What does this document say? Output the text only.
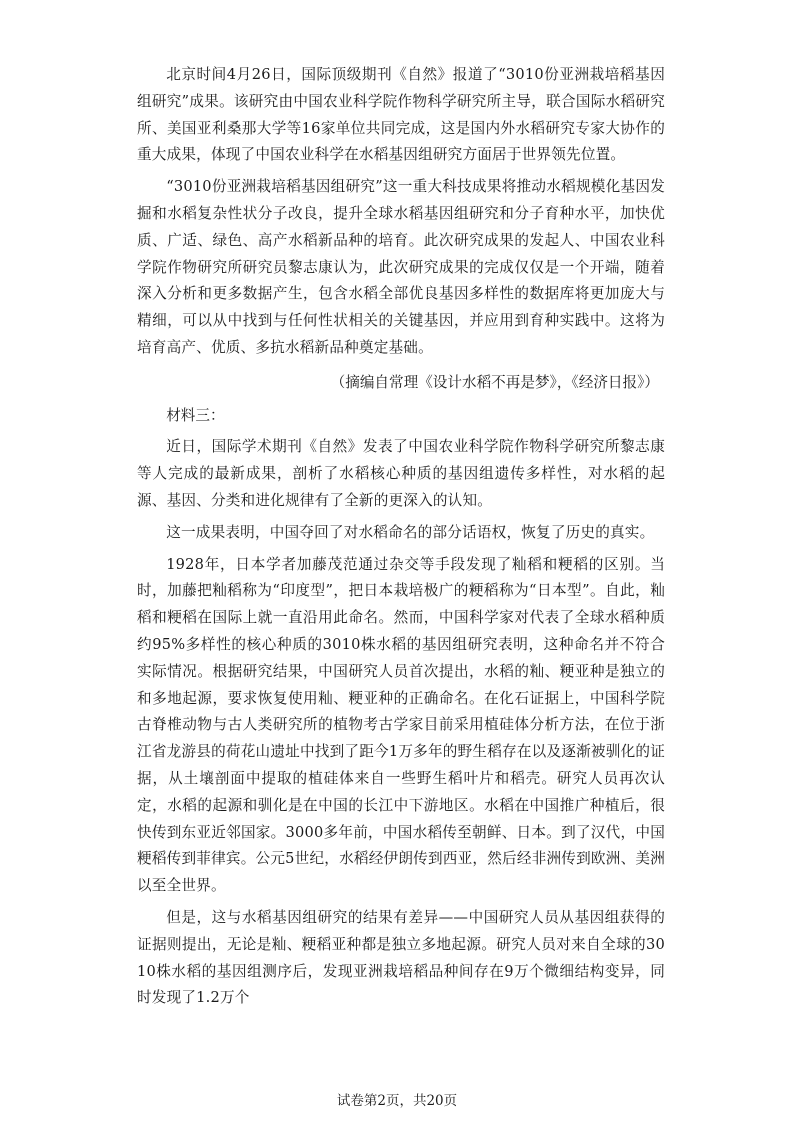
北京时间4月26日，国际顶级期刊《自然》报道了“3010份亚洲栽培稻基因组研究”成果。该研究由中国农业科学院作物科学研究所主导，联合国际水稻研究所、美国亚利桑那大学等16家单位共同完成，这是国内外水稻研究专家大协作的重大成果，体现了中国农业科学在水稻基因组研究方面居于世界领先位置。

“3010份亚洲栽培稻基因组研究”这一重大科技成果将推动水稻规模化基因发掘和水稻复杂性状分子改良，提升全球水稻基因组研究和分子育种水平，加快优质、广适、绿色、高产水稻新品种的培育。此次研究成果的发起人、中国农业科学院作物研究所研究员黎志康认为，此次研究成果的完成仅仅是一个开端，随着深入分析和更多数据产生，包含水稻全部优良基因多样性的数据库将更加庞大与精细，可以从中找到与任何性状相关的关键基因，并应用到育种实践中。这将为培育高产、优质、多抗水稻新品种奠定基础。

（摘编自常理《设计水稻不再是梦》，《经济日报》）

材料三：

近日，国际学术期刊《自然》发表了中国农业科学院作物科学研究所黎志康等人完成的最新成果，剖析了水稻核心种质的基因组遗传多样性，对水稻的起源、基因、分类和进化规律有了全新的更深入的认知。

这一成果表明，中国夺回了对水稻命名的部分话语权，恢复了历史的真实。

1928年，日本学者加藤茂范通过杂交等手段发现了籼稻和粳稻的区别。当时，加藤把籼稻称为“印度型”，把日本栽培极广的粳稻称为“日本型”。自此，籼稻和粳稻在国际上就一直沿用此命名。然而，中国科学家对代表了全球水稻种质约95%多样性的核心种质的3010株水稻的基因组研究表明，这种命名并不符合实际情况。根据研究结果，中国研究人员首次提出，水稻的籼、粳亚种是独立的和多地起源，要求恢复使用籼、粳亚种的正确命名。在化石证据上，中国科学院古脊椎动物与古人类研究所的植物考古学家目前采用植硅体分析方法，在位于浙江省龙游县的荷花山遗址中找到了距今1万多年的野生稻存在以及逐渐被驯化的证据，从土壤剖面中提取的植硅体来自一些野生稻叶片和稻壳。研究人员再次认定，水稻的起源和驯化是在中国的长江中下游地区。水稻在中国推广种植后，很快传到东亚近邻国家。3000多年前，中国水稻传至朝鲜、日本。到了汉代，中国粳稻传到菲律宾。公元5世纪，水稻经伊朗传到西亚，然后经非洲传到欧洲、美洲以至全世界。

但是，这与水稻基因组研究的结果有差异——中国研究人员从基因组获得的证据则提出，无论是籼、粳稻亚种都是独立多地起源。研究人员对来自全球的3010株水稻的基因组测序后，发现亚洲栽培稻品种间存在9万个微细结构变异，同时发现了1.2万个

试卷第2页，共20页
